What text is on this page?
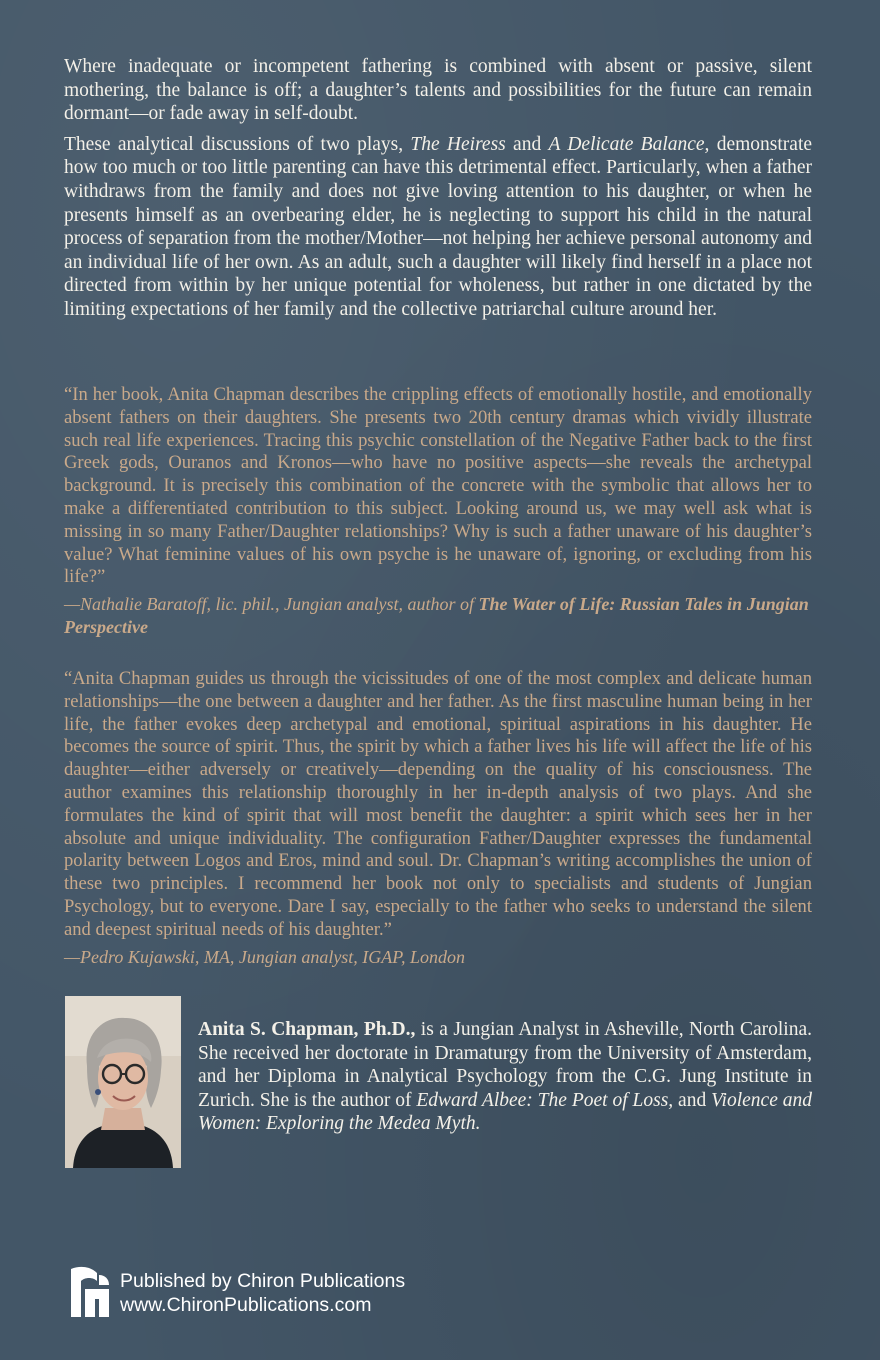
Where inadequate or incompetent fathering is combined with absent or passive, silent mothering, the balance is off; a daughter’s talents and possibilities for the future can remain dormant—or fade away in self-doubt.

These analytical discussions of two plays, The Heiress and A Delicate Balance, demonstrate how too much or too little parenting can have this detrimental effect. Particularly, when a father withdraws from the family and does not give loving attention to his daughter, or when he presents himself as an overbearing elder, he is neglecting to support his child in the natural process of separation from the mother/Mother—not helping her achieve personal autonomy and an individual life of her own. As an adult, such a daughter will likely find herself in a place not directed from within by her unique potential for wholeness, but rather in one dictated by the limiting expectations of her family and the collective patriarchal culture around her.

“In her book, Anita Chapman describes the crippling effects of emotionally hostile, and emotionally absent fathers on their daughters. She presents two 20th century dramas which vividly illustrate such real life experiences. Tracing this psychic constellation of the Negative Father back to the first Greek gods, Ouranos and Kronos—who have no positive aspects—she reveals the archetypal background. It is precisely this combination of the concrete with the symbolic that allows her to make a differentiated contribution to this subject. Looking around us, we may well ask what is missing in so many Father/Daughter relationships? Why is such a father unaware of his daughter’s value? What feminine values of his own psyche is he unaware of, ignoring, or excluding from his life?”

—Nathalie Baratoff, lic. phil., Jungian analyst, author of The Water of Life: Russian Tales in Jungian Perspective

“Anita Chapman guides us through the vicissitudes of one of the most complex and delicate human relationships—the one between a daughter and her father. As the first masculine human being in her life, the father evokes deep archetypal and emotional, spiritual aspirations in his daughter. He becomes the source of spirit. Thus, the spirit by which a father lives his life will affect the life of his daughter—either adversely or creatively—depending on the quality of his consciousness. The author examines this relationship thoroughly in her in-depth analysis of two plays. And she formulates the kind of spirit that will most benefit the daughter: a spirit which sees her in her absolute and unique individuality. The configuration Father/Daughter expresses the fundamental polarity between Logos and Eros, mind and soul. Dr. Chapman’s writing accomplishes the union of these two principles. I recommend her book not only to specialists and students of Jungian Psychology, but to everyone. Dare I say, especially to the father who seeks to understand the silent and deepest spiritual needs of his daughter.”

—Pedro Kujawski, MA, Jungian analyst, IGAP, London

Anita S. Chapman, Ph.D., is a Jungian Analyst in Asheville, North Carolina. She received her doctorate in Dramaturgy from the University of Amsterdam, and her Diploma in Analytical Psychology from the C.G. Jung Institute in Zurich. She is the author of Edward Albee: The Poet of Loss, and Violence and Women: Exploring the Medea Myth.

Published by Chiron Publications
www.ChironPublications.com
